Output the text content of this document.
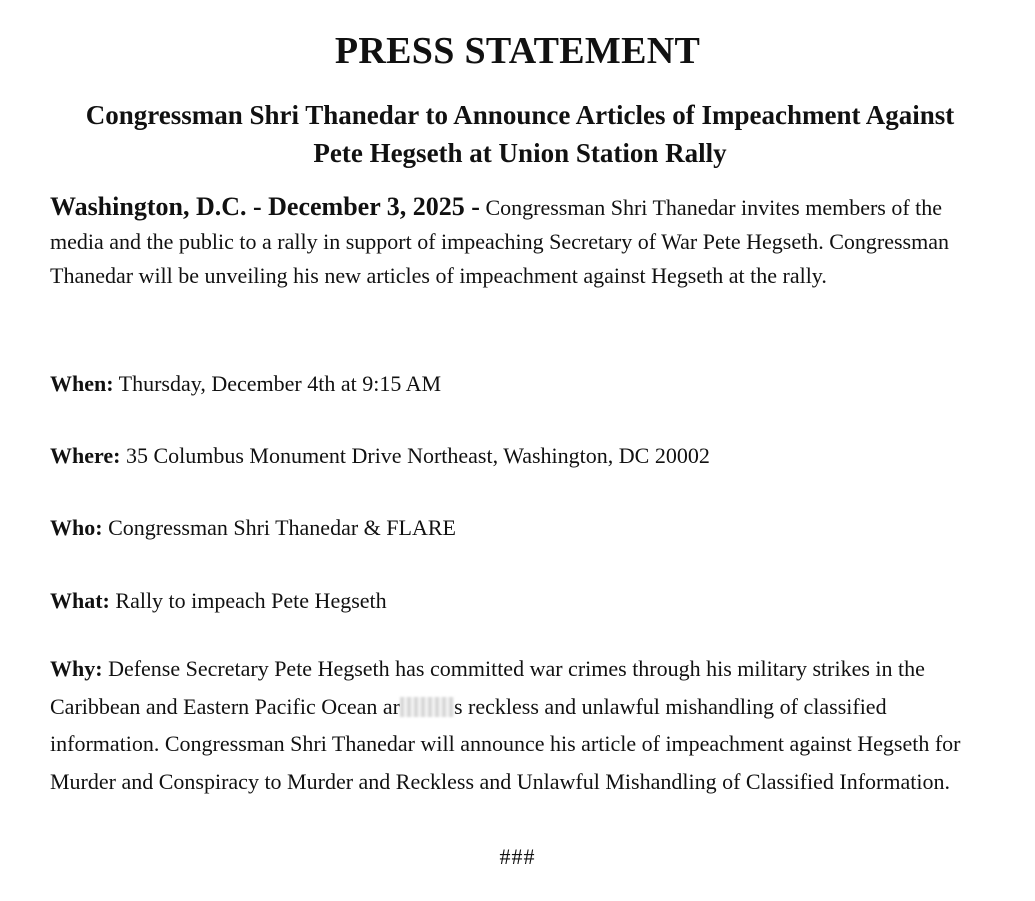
PRESS STATEMENT
Congressman Shri Thanedar to Announce Articles of Impeachment Against Pete Hegseth at Union Station Rally
Washington, D.C. - December 3, 2025 - Congressman Shri Thanedar invites members of the media and the public to a rally in support of impeaching Secretary of War Pete Hegseth. Congressman Thanedar will be unveiling his new articles of impeachment against Hegseth at the rally.
When: Thursday, December 4th at 9:15 AM
Where: 35 Columbus Monument Drive Northeast, Washington, DC 20002
Who: Congressman Shri Thanedar & FLARE
What: Rally to impeach Pete Hegseth
Why: Defense Secretary Pete Hegseth has committed war crimes through his military strikes in the Caribbean and Eastern Pacific Ocean ar s reckless and unlawful mishandling of classified information. Congressman Shri Thanedar will announce his article of impeachment against Hegseth for Murder and Conspiracy to Murder and Reckless and Unlawful Mishandling of Classified Information.
###
